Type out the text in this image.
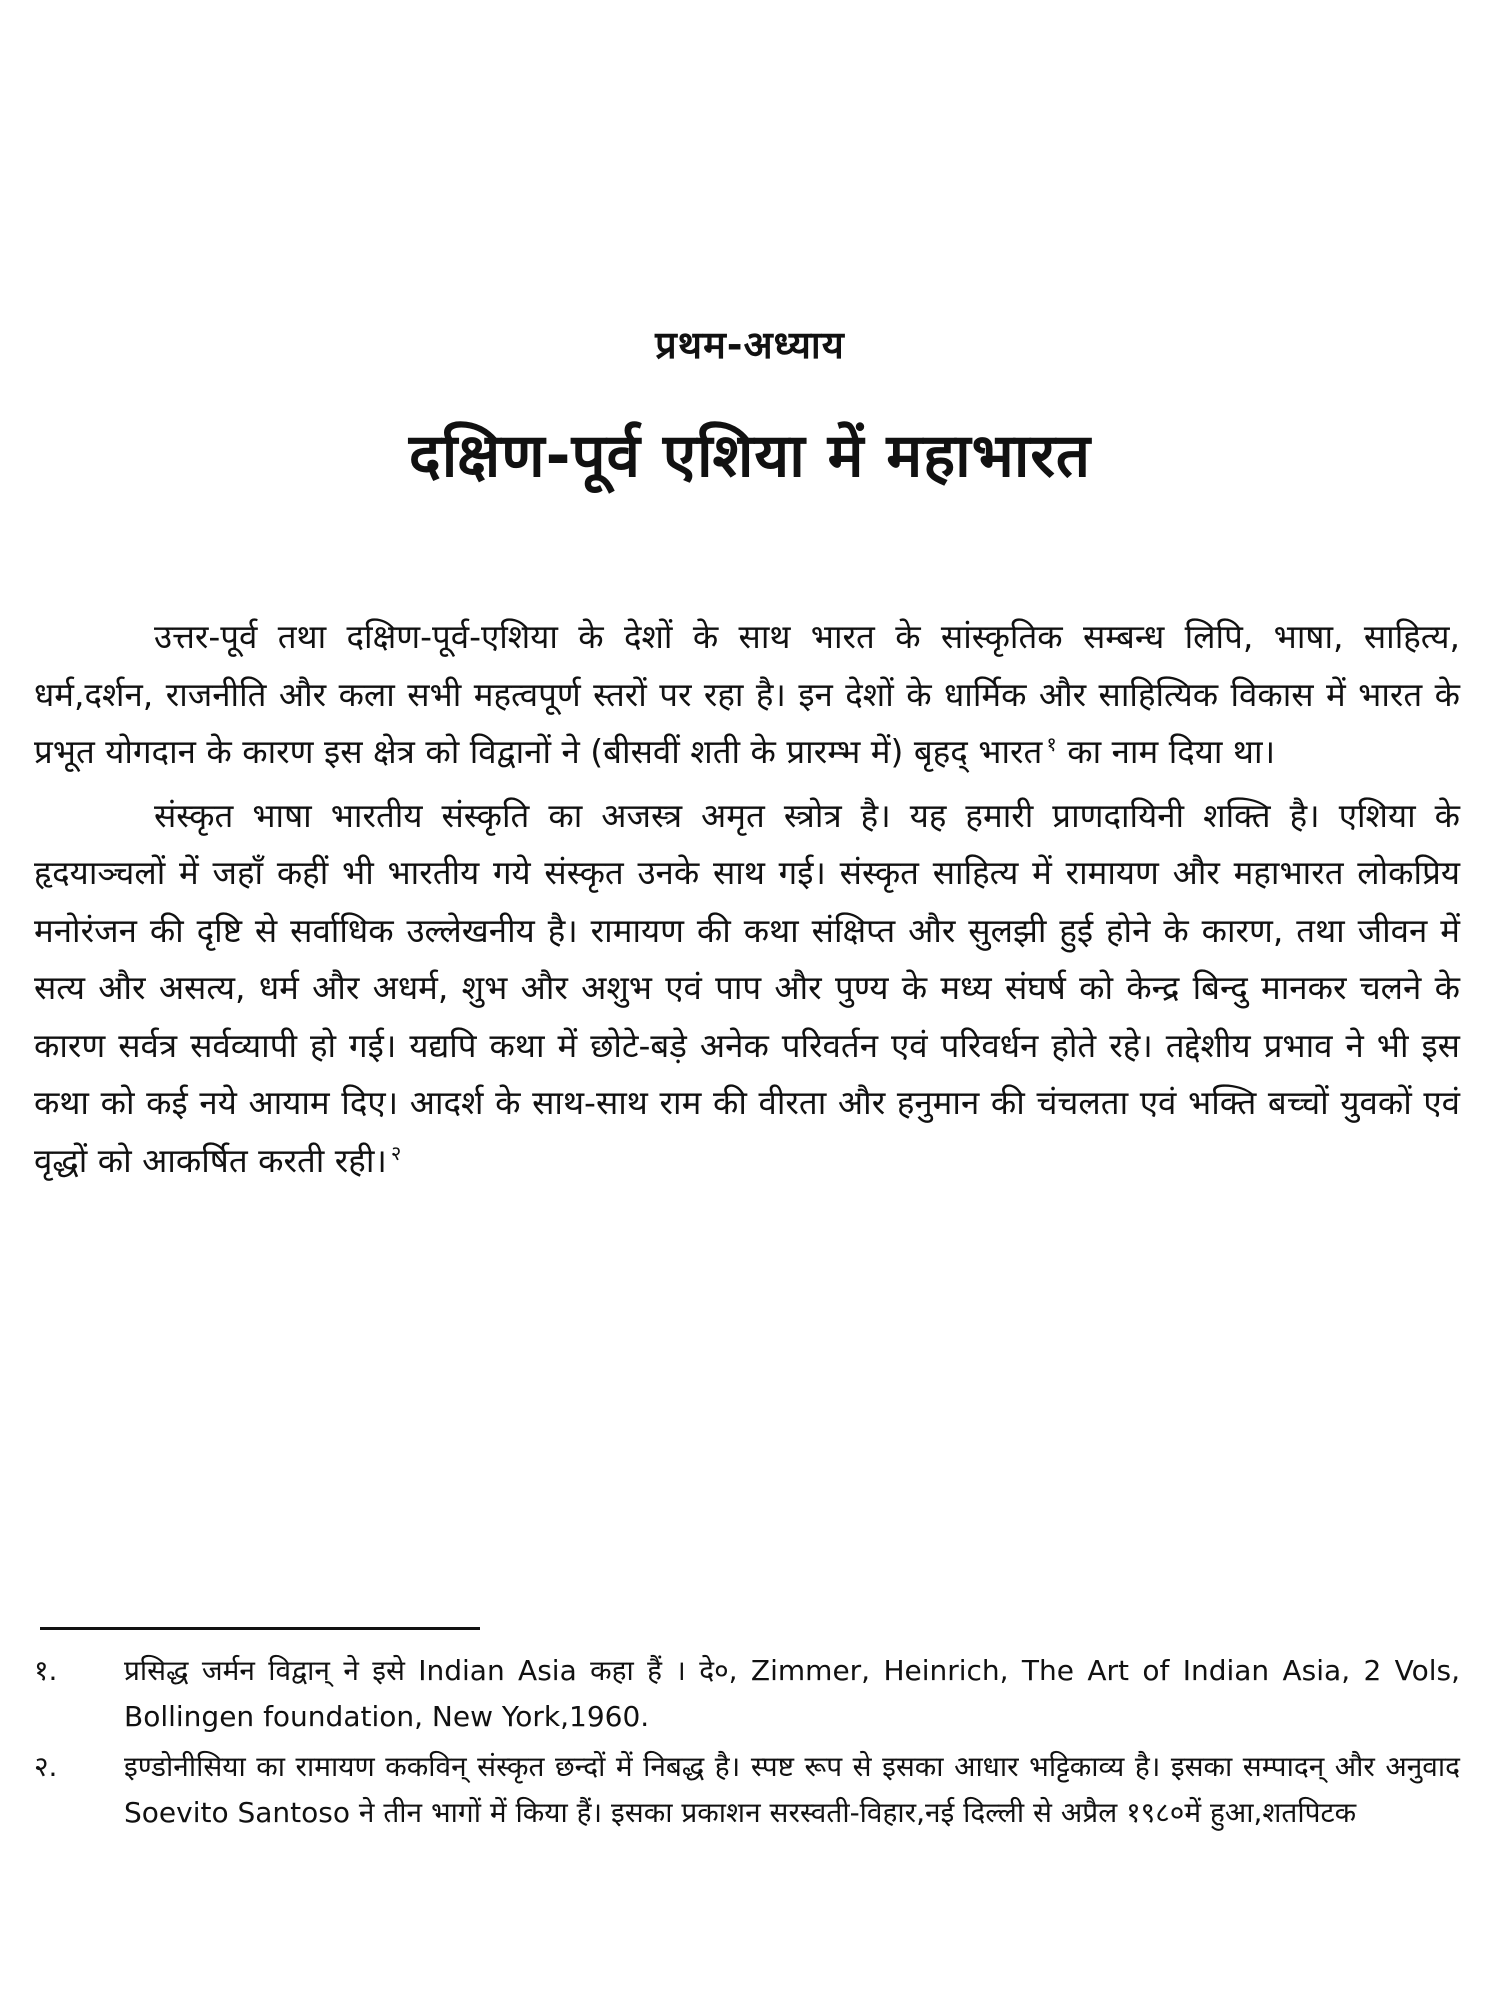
प्रथम-अध्याय
दक्षिण-पूर्व एशिया में महाभारत

उत्तर-पूर्व तथा दक्षिण-पूर्व-एशिया के देशों के साथ भारत के सांस्कृतिक सम्बन्ध लिपि, भाषा, साहित्य, धर्म,दर्शन, राजनीति और कला सभी महत्वपूर्ण स्तरों पर रहा है। इन देशों के धार्मिक और साहित्यिक विकास में भारत के प्रभूत योगदान के कारण इस क्षेत्र को विद्वानों ने (बीसवीं शती के प्रारम्भ में) बृहद् भारत $^१$ का नाम दिया था।

संस्कृत भाषा भारतीय संस्कृति का अजस्त्र अमृत स्त्रोत्र है। यह हमारी प्राणदायिनी शक्ति है। एशिया के हृदयाञ्चलों में जहाँ कहीं भी भारतीय गये संस्कृत उनके साथ गई। संस्कृत साहित्य में रामायण और महाभारत लोकप्रिय मनोरंजन की दृष्टि से सर्वाधिक उल्लेखनीय है। रामायण की कथा संक्षिप्त और सुलझी हुई होने के कारण, तथा जीवन में सत्य और असत्य, धर्म और अधर्म, शुभ और अशुभ एवं पाप और पुण्य के मध्य संघर्ष को केन्द्र बिन्दु मानकर चलने के कारण सर्वत्र सर्वव्यापी हो गई। यद्यपि कथा में छोटे-बड़े अनेक परिवर्तन एवं परिवर्धन होते रहे। तद्देशीय प्रभाव ने भी इस कथा को कई नये आयाम दिए। आदर्श के साथ-साथ राम की वीरता और हनुमान की चंचलता एवं भक्ति बच्चों युवकों एवं वृद्धों को आकर्षित करती रही। $^२$

१.	प्रसिद्ध जर्मन विद्वान् ने इसे Indian Asia कहा हैं । दे०, Zimmer, Heinrich, The Art of Indian Asia, 2 Vols, Bollingen foundation, New York,1960.
२.	इण्डोनीसिया का रामायण ककविन् संस्कृत छन्दों में निबद्ध है। स्पष्ट रूप से इसका आधार भट्टिकाव्य है। इसका सम्पादन् और अनुवाद Soevito Santoso ने तीन भागों में किया हैं। इसका प्रकाशन सरस्वती-विहार,नई दिल्ली से अप्रैल १९८०में हुआ,शतपिटक
